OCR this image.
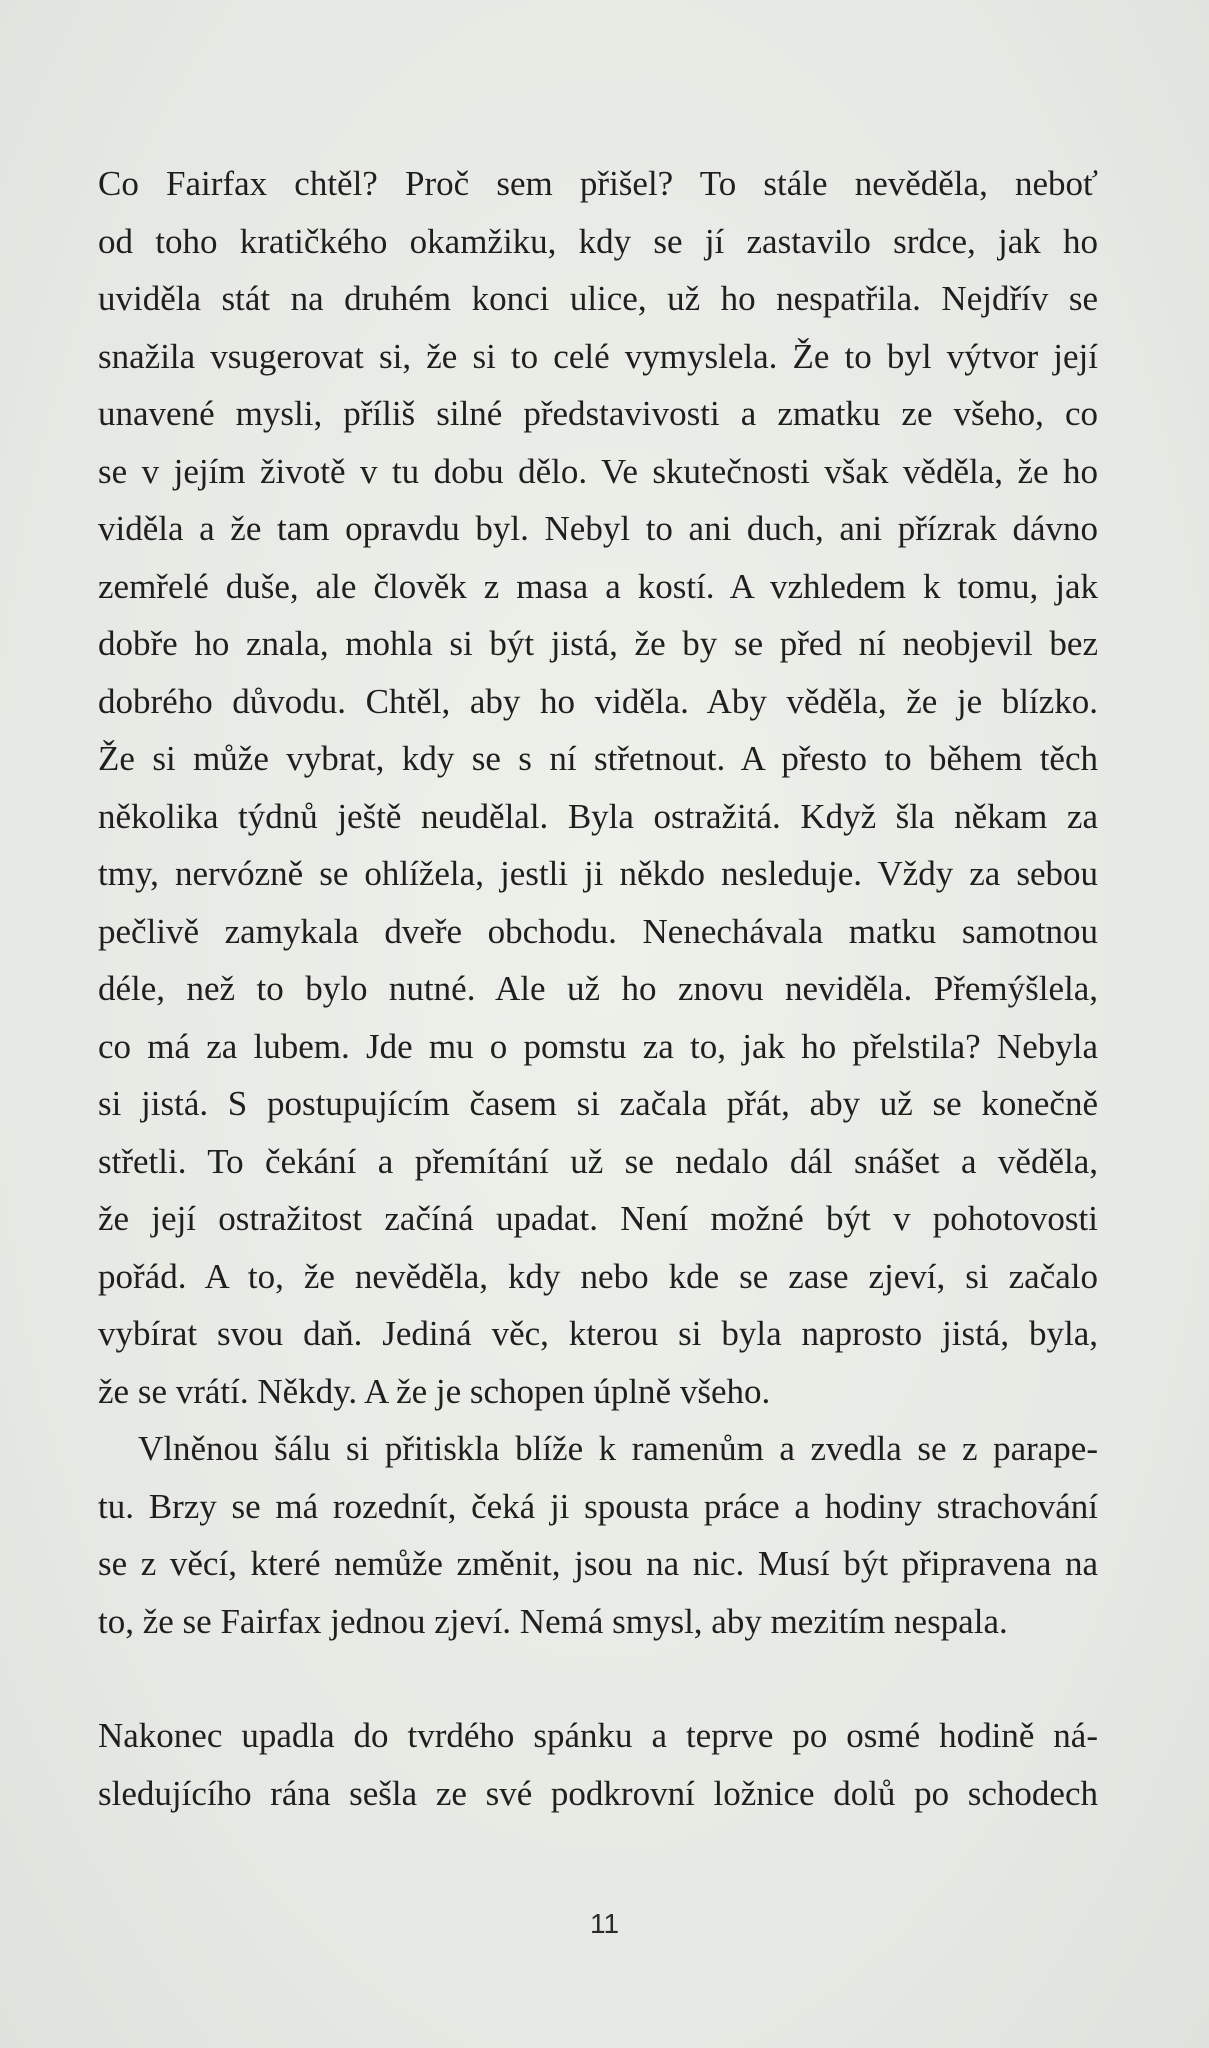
Co Fairfax chtěl? Proč sem přišel? To stále nevěděla, neboť
od toho kratičkého okamžiku, kdy se jí zastavilo srdce, jak ho
uviděla stát na druhém konci ulice, už ho nespatřila. Nejdřív se
snažila vsugerovat si, že si to celé vymyslela. Že to byl výtvor její
unavené mysli, příliš silné představivosti a zmatku ze všeho, co
se v jejím životě v tu dobu dělo. Ve skutečnosti však věděla, že ho
viděla a že tam opravdu byl. Nebyl to ani duch, ani přízrak dávno
zemřelé duše, ale člověk z masa a kostí. A vzhledem k tomu, jak
dobře ho znala, mohla si být jistá, že by se před ní neobjevil bez
dobrého důvodu. Chtěl, aby ho viděla. Aby věděla, že je blízko.
Že si může vybrat, kdy se s ní střetnout. A přesto to během těch
několika týdnů ještě neudělal. Byla ostražitá. Když šla někam za
tmy, nervózně se ohlížela, jestli ji někdo nesleduje. Vždy za sebou
pečlivě zamykala dveře obchodu. Nenechávala matku samotnou
déle, než to bylo nutné. Ale už ho znovu neviděla. Přemýšlela,
co má za lubem. Jde mu o pomstu za to, jak ho přelstila? Nebyla
si jistá. S postupujícím časem si začala přát, aby už se konečně
střetli. To čekání a přemítání už se nedalo dál snášet a věděla,
že její ostražitost začíná upadat. Není možné být v pohotovosti
pořád. A to, že nevěděla, kdy nebo kde se zase zjeví, si začalo
vybírat svou daň. Jediná věc, kterou si byla naprosto jistá, byla,
že se vrátí. Někdy. A že je schopen úplně všeho.
Vlněnou šálu si přitiskla blíže k ramenům a zvedla se z parape-
tu. Brzy se má rozednít, čeká ji spousta práce a hodiny strachování
se z věcí, které nemůže změnit, jsou na nic. Musí být připravena na
to, že se Fairfax jednou zjeví. Nemá smysl, aby mezitím nespala.
Nakonec upadla do tvrdého spánku a teprve po osmé hodině ná-
sledujícího rána sešla ze své podkrovní ložnice dolů po schodech
11
